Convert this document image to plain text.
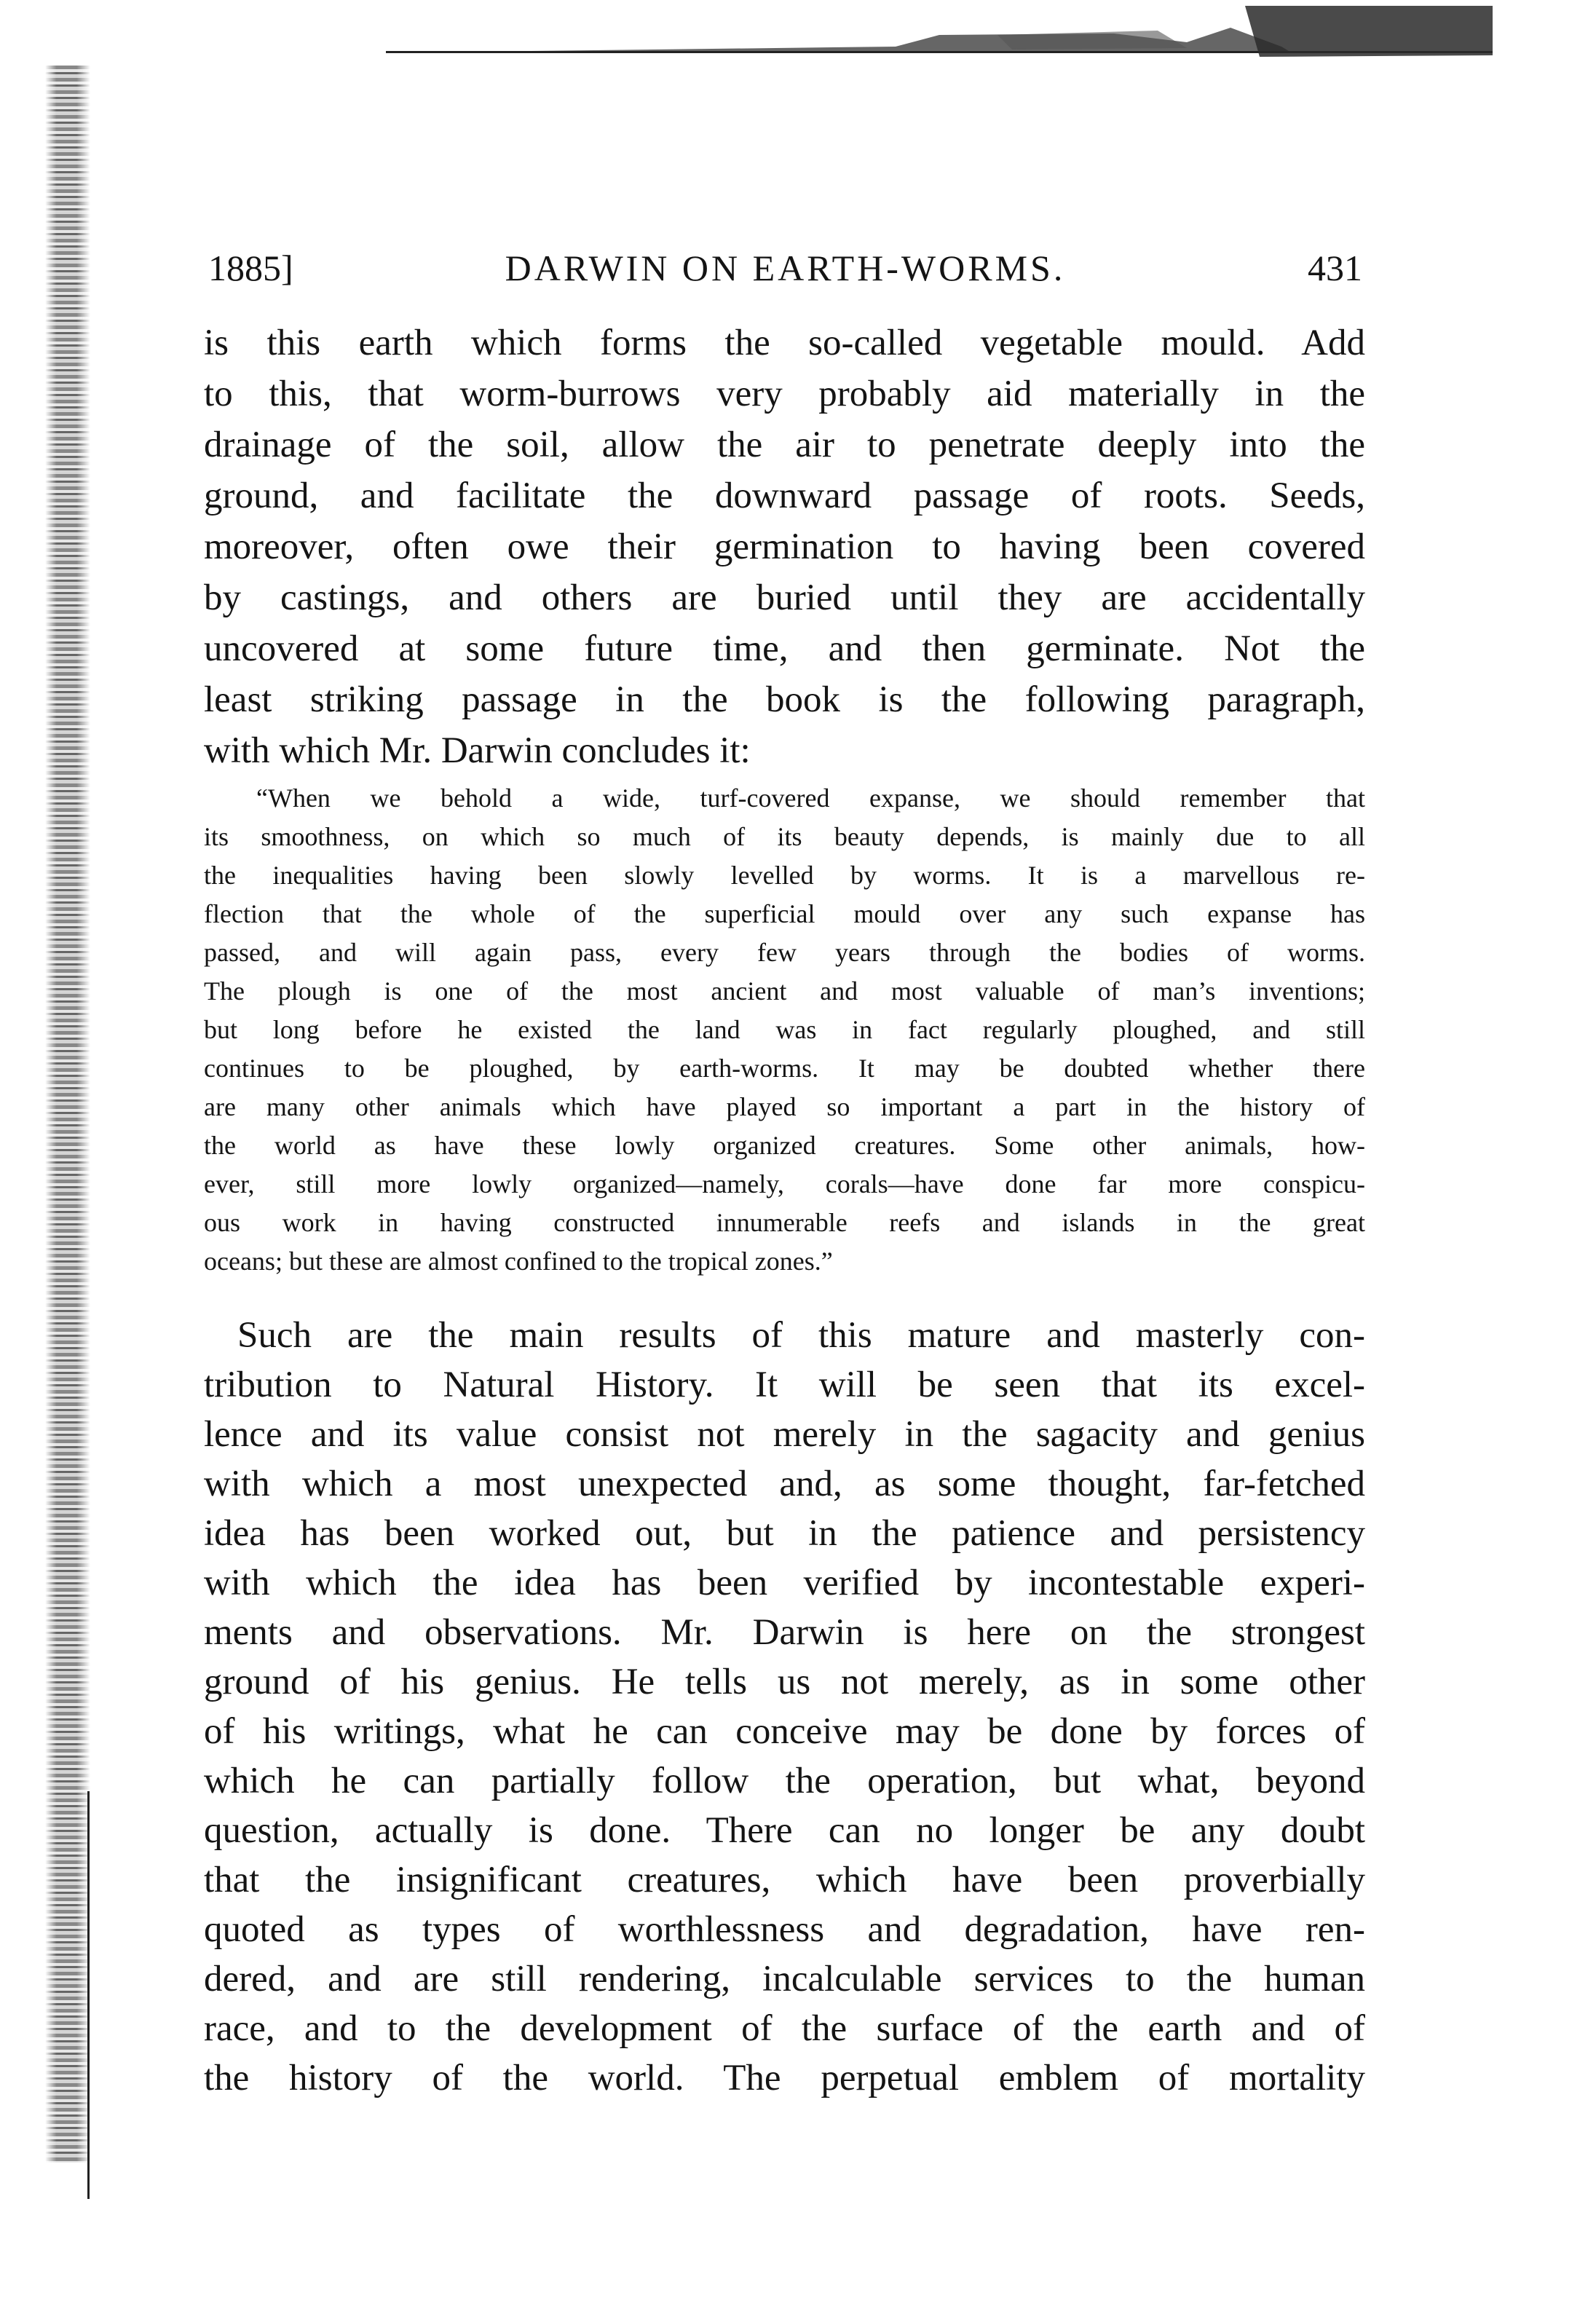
1885]	DARWIN ON EARTH-WORMS.	431
is this earth which forms the so-called vegetable mould. Add
to this, that worm-burrows very probably aid materially in the
drainage of the soil, allow the air to penetrate deeply into the
ground, and facilitate the downward passage of roots. Seeds,
moreover, often owe their germination to having been covered
by castings, and others are buried until they are accidentally
uncovered at some future time, and then germinate. Not the
least striking passage in the book is the following paragraph,
with which Mr. Darwin concludes it:
“When we behold a wide, turf-covered expanse, we should remember that
its smoothness, on which so much of its beauty depends, is mainly due to all
the inequalities having been slowly levelled by worms. It is a marvellous re-
flection that the whole of the superficial mould over any such expanse has
passed, and will again pass, every few years through the bodies of worms.
The plough is one of the most ancient and most valuable of man’s inventions;
but long before he existed the land was in fact regularly ploughed, and still
continues to be ploughed, by earth-worms. It may be doubted whether there
are many other animals which have played so important a part in the history of
the world as have these lowly organized creatures. Some other animals, how-
ever, still more lowly organized—namely, corals—have done far more conspicu-
ous work in having constructed innumerable reefs and islands in the great
oceans; but these are almost confined to the tropical zones.”
Such are the main results of this mature and masterly con-
tribution to Natural History. It will be seen that its excel-
lence and its value consist not merely in the sagacity and genius
with which a most unexpected and, as some thought, far-fetched
idea has been worked out, but in the patience and persistency
with which the idea has been verified by incontestable experi-
ments and observations. Mr. Darwin is here on the strongest
ground of his genius. He tells us not merely, as in some other
of his writings, what he can conceive may be done by forces of
which he can partially follow the operation, but what, beyond
question, actually is done. There can no longer be any doubt
that the insignificant creatures, which have been proverbially
quoted as types of worthlessness and degradation, have ren-
dered, and are still rendering, incalculable services to the human
race, and to the development of the surface of the earth and of
the history of the world. The perpetual emblem of mortality
